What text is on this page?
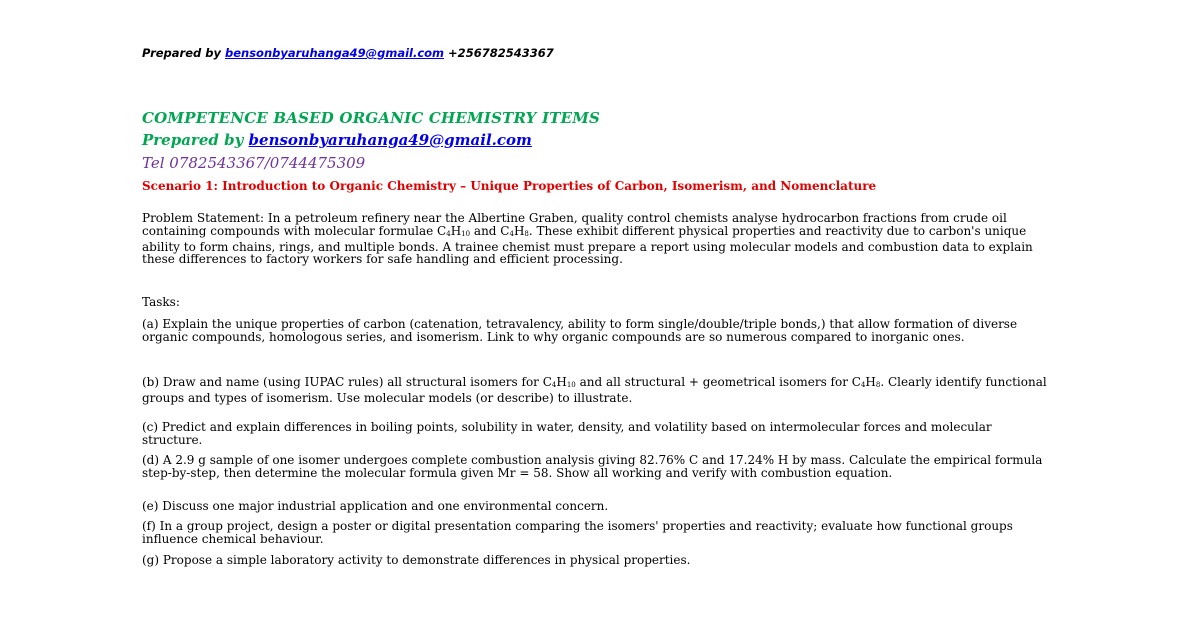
Prepared by bensonbyaruhanga49@gmail.com +256782543367
COMPETENCE BASED ORGANIC CHEMISTRY ITEMS
Prepared by bensonbyaruhanga49@gmail.com
Tel 0782543367/0744475309
Scenario 1: Introduction to Organic Chemistry – Unique Properties of Carbon, Isomerism, and Nomenclature
Problem Statement: In a petroleum refinery near the Albertine Graben, quality control chemists analyse hydrocarbon fractions from crude oil containing compounds with molecular formulae $C_4H_{10}$ and $C_4H_8$. These exhibit different physical properties and reactivity due to carbon's unique ability to form chains, rings, and multiple bonds. A trainee chemist must prepare a report using molecular models and combustion data to explain these differences to factory workers for safe handling and efficient processing.
Tasks:
(a) Explain the unique properties of carbon (catenation, tetravalency, ability to form single/double/triple bonds,) that allow formation of diverse organic compounds, homologous series, and isomerism. Link to why organic compounds are so numerous compared to inorganic ones.
(b) Draw and name (using IUPAC rules) all structural isomers for $C_4H_{10}$ and all structural + geometrical isomers for $C_4H_8$. Clearly identify functional groups and types of isomerism. Use molecular models (or describe) to illustrate.
(c) Predict and explain differences in boiling points, solubility in water, density, and volatility based on intermolecular forces and molecular structure.
(d) A 2.9 g sample of one isomer undergoes complete combustion analysis giving 82.76% C and 17.24% H by mass. Calculate the empirical formula step-by-step, then determine the molecular formula given Mr = 58. Show all working and verify with combustion equation.
(e) Discuss one major industrial application and one environmental concern.
(f) In a group project, design a poster or digital presentation comparing the isomers' properties and reactivity; evaluate how functional groups influence chemical behaviour.
(g) Propose a simple laboratory activity to demonstrate differences in physical properties.
